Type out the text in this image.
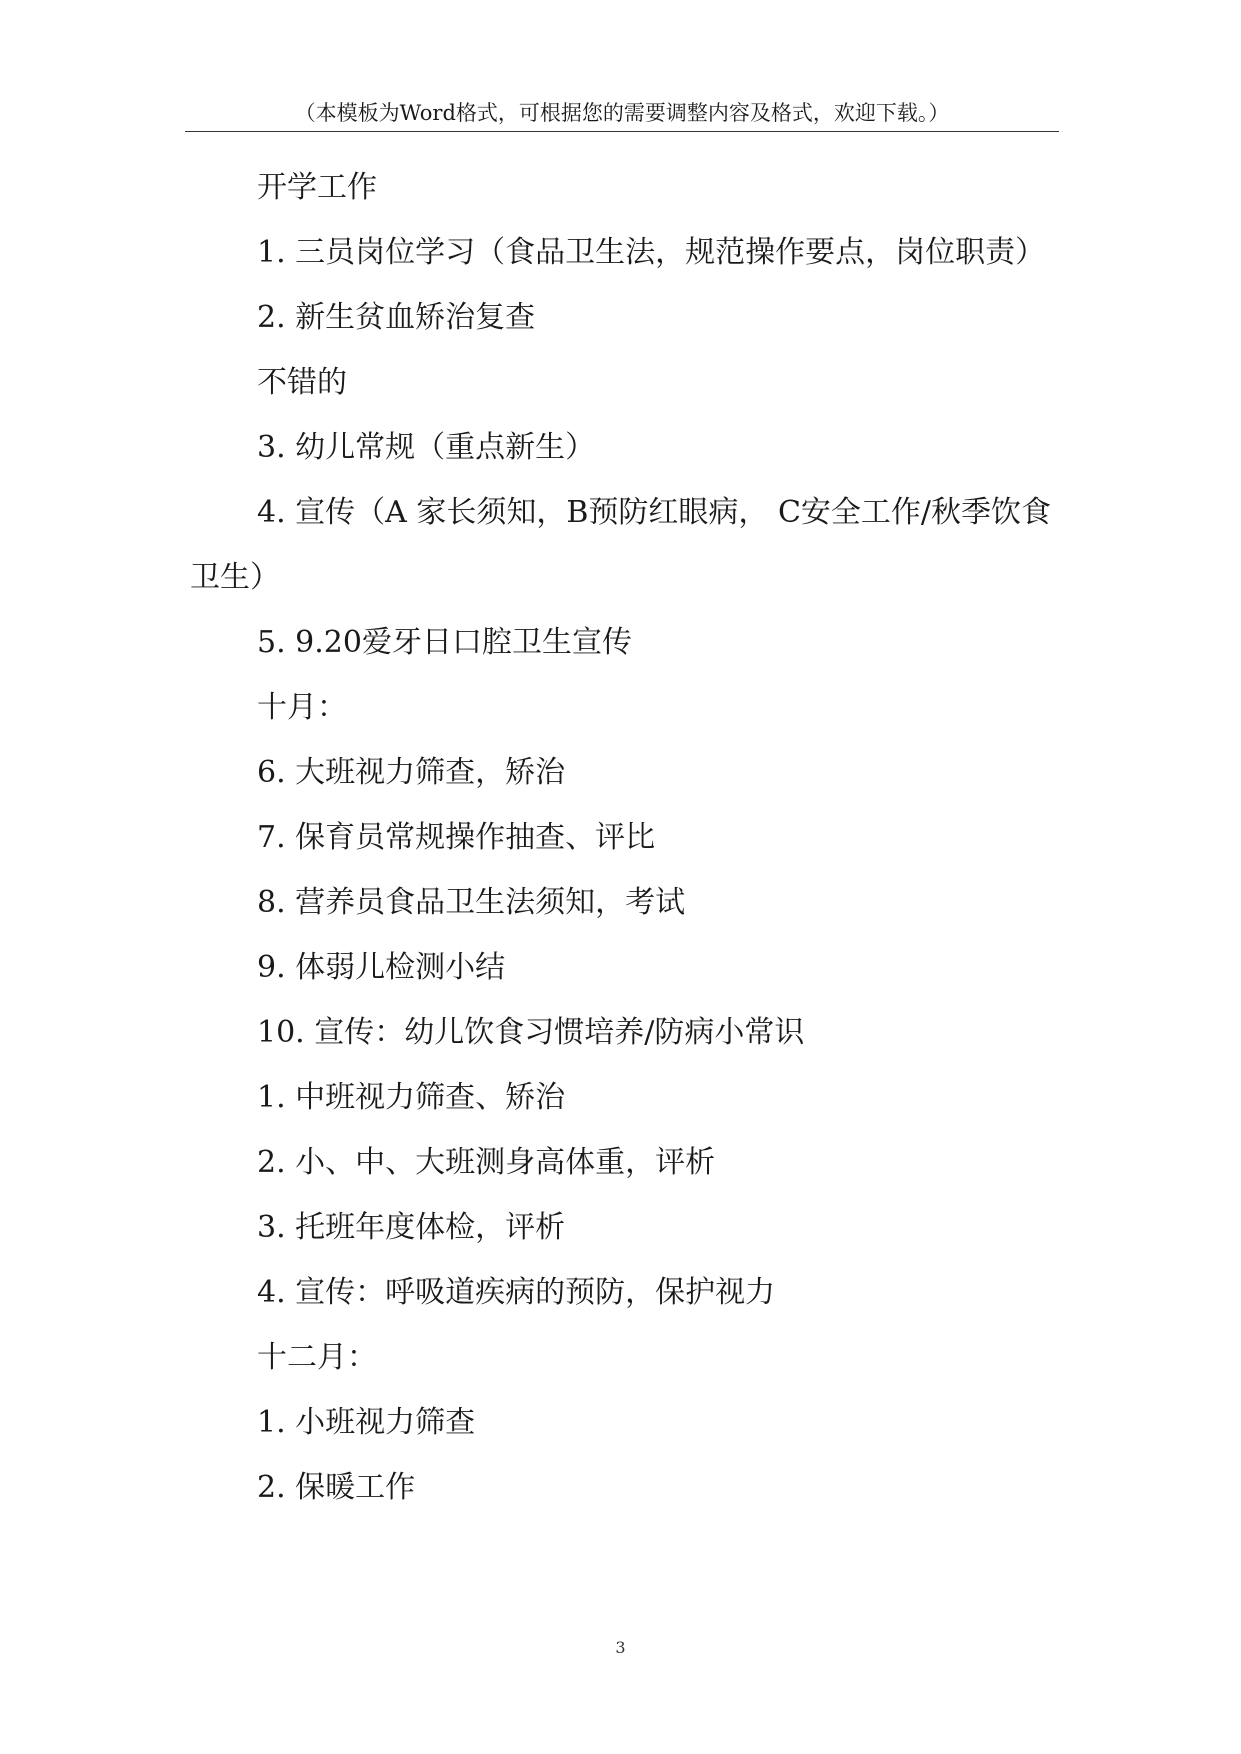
（本模板为Word格式，可根据您的需要调整内容及格式，欢迎下载。）

开学工作

1. 三员岗位学习（食品卫生法，规范操作要点，岗位职责）

2. 新生贫血矫治复查

不错的

3. 幼儿常规（重点新生）

4. 宣传（A 家长须知，B预防红眼病， C安全工作/秋季饮食卫生）

5. 9.20爱牙日口腔卫生宣传

十月：

6. 大班视力筛查，矫治

7. 保育员常规操作抽查、评比

8. 营养员食品卫生法须知，考试

9. 体弱儿检测小结

10. 宣传：幼儿饮食习惯培养/防病小常识

1. 中班视力筛查、矫治

2. 小、中、大班测身高体重，评析

3. 托班年度体检，评析

4. 宣传：呼吸道疾病的预防，保护视力

十二月：

1. 小班视力筛查

2. 保暖工作

3
